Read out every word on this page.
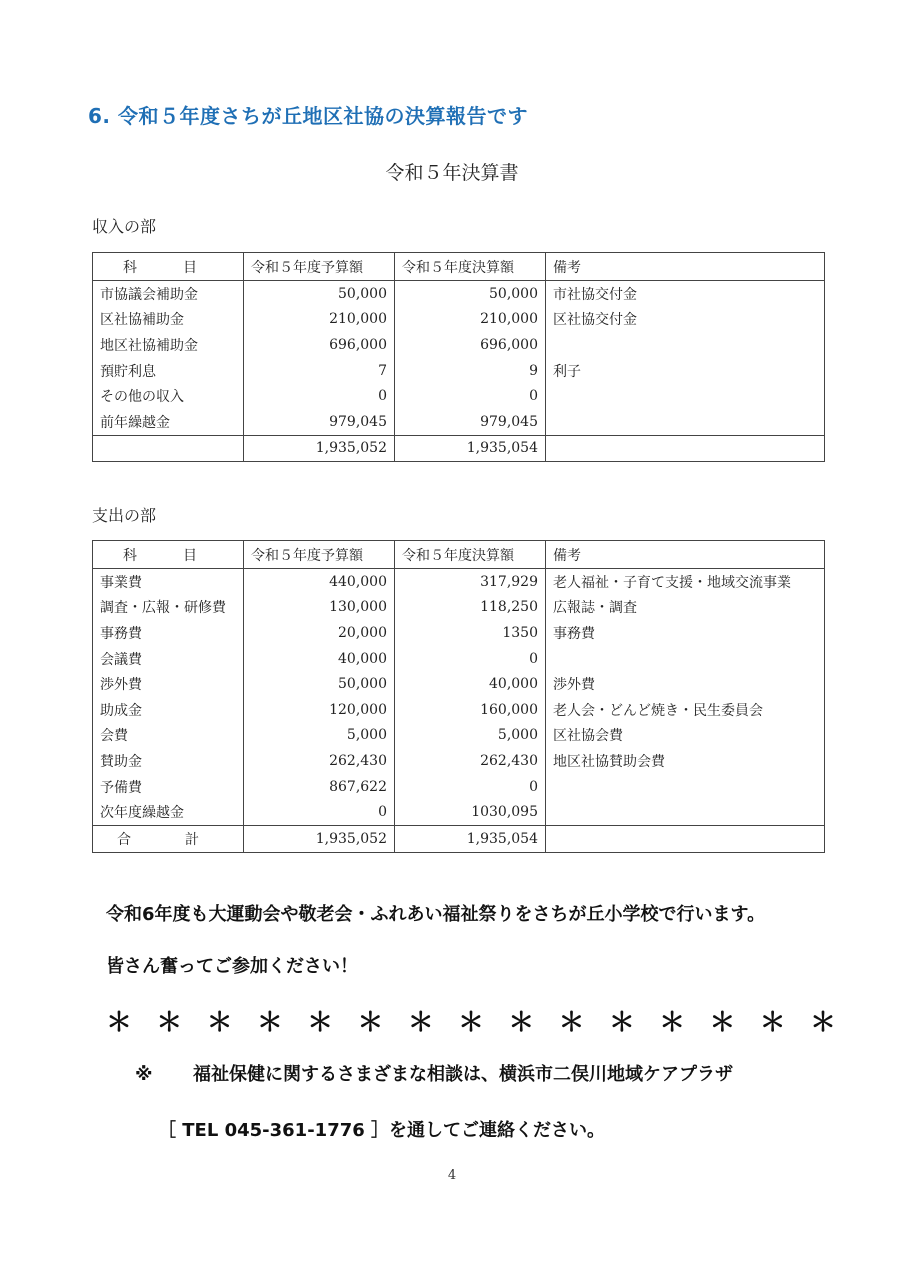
6. 令和５年度さちが丘地区社協の決算報告です
令和５年決算書
収入の部
科　目	令和５年度予算額	令和５年度決算額	備考
市協議会補助金	50,000	50,000	市社協交付金
区社協補助金	210,000	210,000	区社協交付金
地区社協補助金	696,000	696,000	
預貯利息	7	9	利子
その他の収入	0	0	
前年繰越金	979,045	979,045	
	1,935,052	1,935,054	
支出の部
科　目	令和５年度予算額	令和５年度決算額	備考
事業費	440,000	317,929	老人福祉・子育て支援・地域交流事業
調査・広報・研修費	130,000	118,250	広報誌・調査
事務費	20,000	1350	事務費
会議費	40,000	0	
渉外費	50,000	40,000	渉外費
助成金	120,000	160,000	老人会・どんど焼き・民生委員会
会費	5,000	5,000	区社協会費
賛助金	262,430	262,430	地区社協賛助会費
予備費	867,622	0	
次年度繰越金	0	1030,095	
合　計	1,935,052	1,935,054	
令和6年度も大運動会や敬老会・ふれあい福祉祭りをさちが丘小学校で行います。
皆さん奮ってご参加ください！
＊ ＊ ＊ ＊ ＊ ＊ ＊ ＊ ＊ ＊ ＊ ＊ ＊ ＊ ＊
※ 福祉保健に関するさまざまな相談は、横浜市二俣川地域ケアプラザ
［ TEL 045-361-1776 ］を通してご連絡ください。
4
